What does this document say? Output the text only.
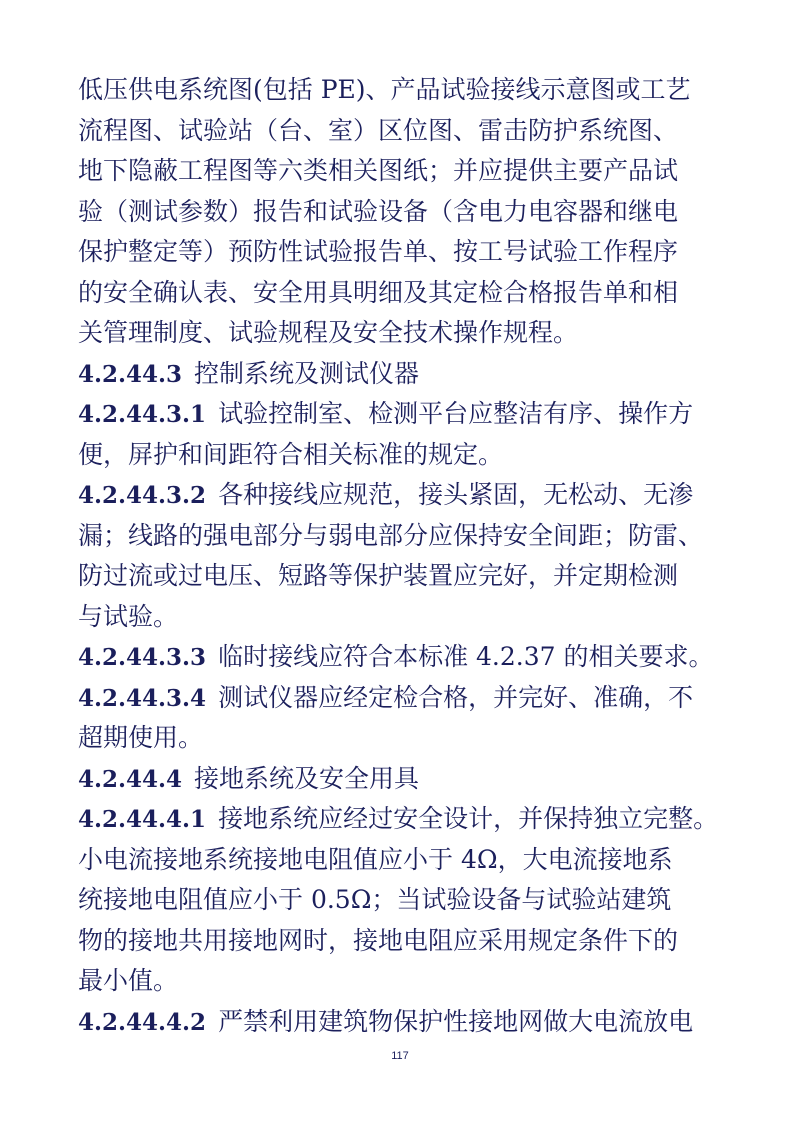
低压供电系统图(包括 PE)、产品试验接线示意图或工艺
流程图、试验站（台、室）区位图、雷击防护系统图、
地下隐蔽工程图等六类相关图纸；并应提供主要产品试
验（测试参数）报告和试验设备（含电力电容器和继电
保护整定等）预防性试验报告单、按工号试验工作程序
的安全确认表、安全用具明细及其定检合格报告单和相
关管理制度、试验规程及安全技术操作规程。
4.2.44.3 控制系统及测试仪器
4.2.44.3.1 试验控制室、检测平台应整洁有序、操作方
便，屏护和间距符合相关标准的规定。
4.2.44.3.2 各种接线应规范，接头紧固，无松动、无渗
漏；线路的强电部分与弱电部分应保持安全间距；防雷、
防过流或过电压、短路等保护装置应完好，并定期检测
与试验。
4.2.44.3.3 临时接线应符合本标准 4.2.37 的相关要求。
4.2.44.3.4 测试仪器应经定检合格，并完好、准确，不
超期使用。
4.2.44.4 接地系统及安全用具
4.2.44.4.1 接地系统应经过安全设计，并保持独立完整。
小电流接地系统接地电阻值应小于 4Ω，大电流接地系
统接地电阻值应小于 0.5Ω；当试验设备与试验站建筑
物的接地共用接地网时，接地电阻应采用规定条件下的
最小值。
4.2.44.4.2 严禁利用建筑物保护性接地网做大电流放电
117
